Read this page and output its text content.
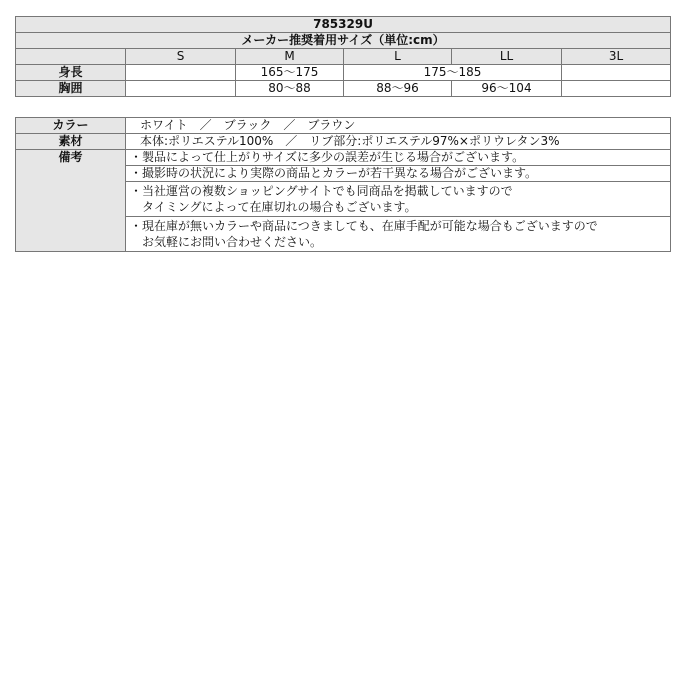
785329U					
メーカー推奨着用サイズ（単位:cm）					
	S	M	L	LL	3L
身長		165〜175	175〜185		
胸囲		80〜88	88〜96	96〜104	
カラー	ホワイト　／　ブラック　／　ブラウン
素材	本体:ポリエステル100%　／　リブ部分:ポリエステル97%×ポリウレタン3%
備考	・製品によって仕上がりサイズに多少の誤差が生じる場合がございます。

	・撮影時の状況により実際の商品とカラーが若干異なる場合がございます。

	・当社運営の複数ショッピングサイトでも同商品を掲載していますので
　タイミングによって在庫切れの場合もございます。

	・現在庫が無いカラーや商品につきましても、在庫手配が可能な場合もございますので
　お気軽にお問い合わせください。
